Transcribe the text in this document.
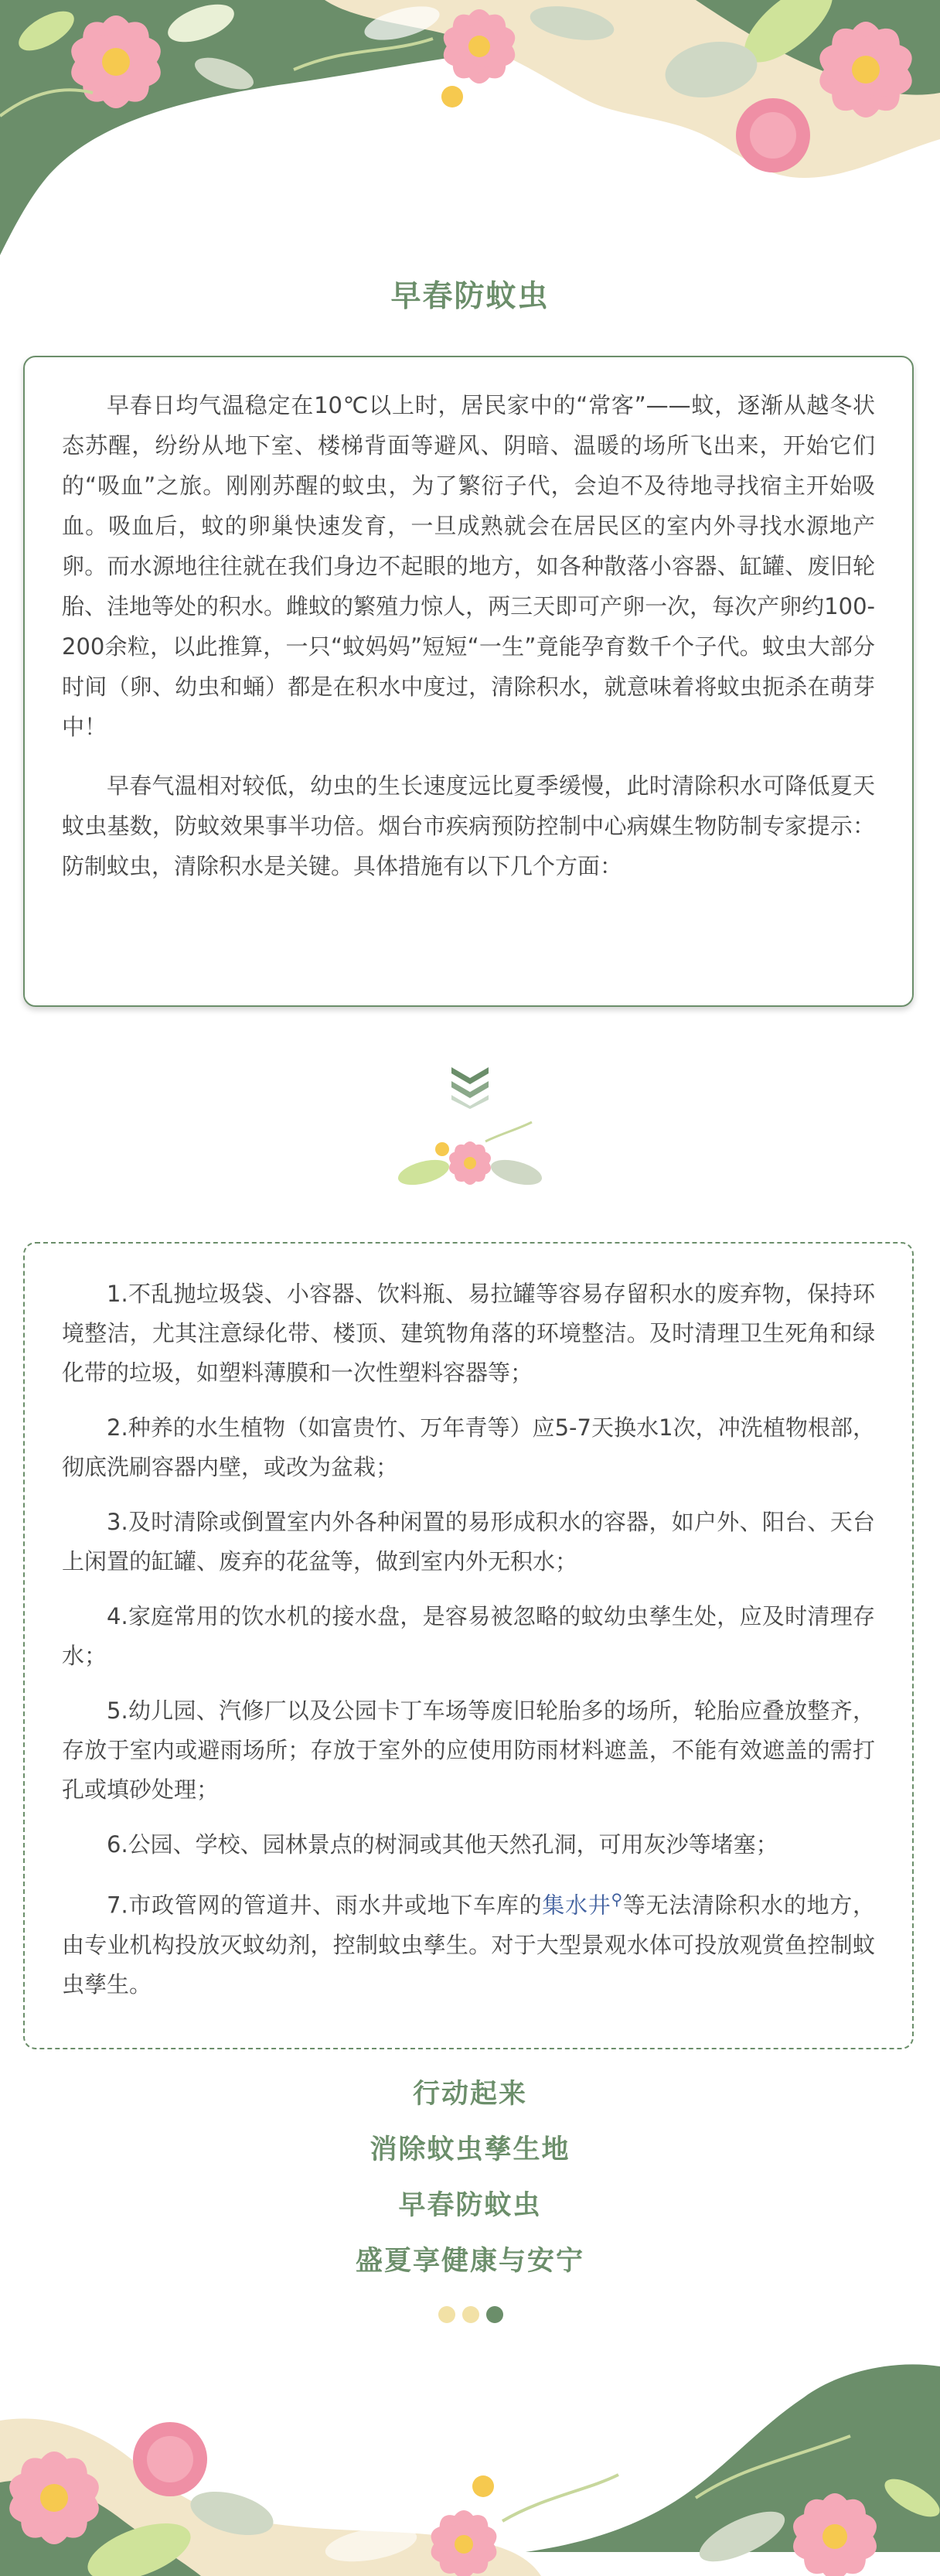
早春防蚊虫

早春日均气温稳定在10℃以上时，居民家中的“常客”——蚊，逐渐从越冬状态苏醒，纷纷从地下室、楼梯背面等避风、阴暗、温暖的场所飞出来，开始它们的“吸血”之旅。刚刚苏醒的蚊虫，为了繁衍子代，会迫不及待地寻找宿主开始吸血。吸血后，蚊的卵巢快速发育，一旦成熟就会在居民区的室内外寻找水源地产卵。而水源地往往就在我们身边不起眼的地方，如各种散落小容器、缸罐、废旧轮胎、洼地等处的积水。雌蚊的繁殖力惊人，两三天即可产卵一次，每次产卵约100-200余粒，以此推算，一只“蚊妈妈”短短“一生”竟能孕育数千个子代。蚊虫大部分时间（卵、幼虫和蛹）都是在积水中度过，清除积水，就意味着将蚊虫扼杀在萌芽中！

早春气温相对较低，幼虫的生长速度远比夏季缓慢，此时清除积水可降低夏天蚊虫基数，防蚊效果事半功倍。烟台市疾病预防控制中心病媒生物防制专家提示：防制蚊虫，清除积水是关键。具体措施有以下几个方面：

1.不乱抛垃圾袋、小容器、饮料瓶、易拉罐等容易存留积水的废弃物，保持环境整洁，尤其注意绿化带、楼顶、建筑物角落的环境整洁。及时清理卫生死角和绿化带的垃圾，如塑料薄膜和一次性塑料容器等；

2.种养的水生植物（如富贵竹、万年青等）应5-7天换水1次，冲洗植物根部，彻底洗刷容器内壁，或改为盆栽；

3.及时清除或倒置室内外各种闲置的易形成积水的容器，如户外、阳台、天台上闲置的缸罐、废弃的花盆等，做到室内外无积水；

4.家庭常用的饮水机的接水盘，是容易被忽略的蚊幼虫孳生处，应及时清理存水；

5.幼儿园、汽修厂以及公园卡丁车场等废旧轮胎多的场所，轮胎应叠放整齐，存放于室内或避雨场所；存放于室外的应使用防雨材料遮盖，不能有效遮盖的需打孔或填砂处理；

6.公园、学校、园林景点的树洞或其他天然孔洞，可用灰沙等堵塞；

7.市政管网的管道井、雨水井或地下车库的集水井⚲等无法清除积水的地方，由专业机构投放灭蚊幼剂，控制蚊虫孳生。对于大型景观水体可投放观赏鱼控制蚊虫孳生。

行动起来
消除蚊虫孳生地
早春防蚊虫
盛夏享健康与安宁
